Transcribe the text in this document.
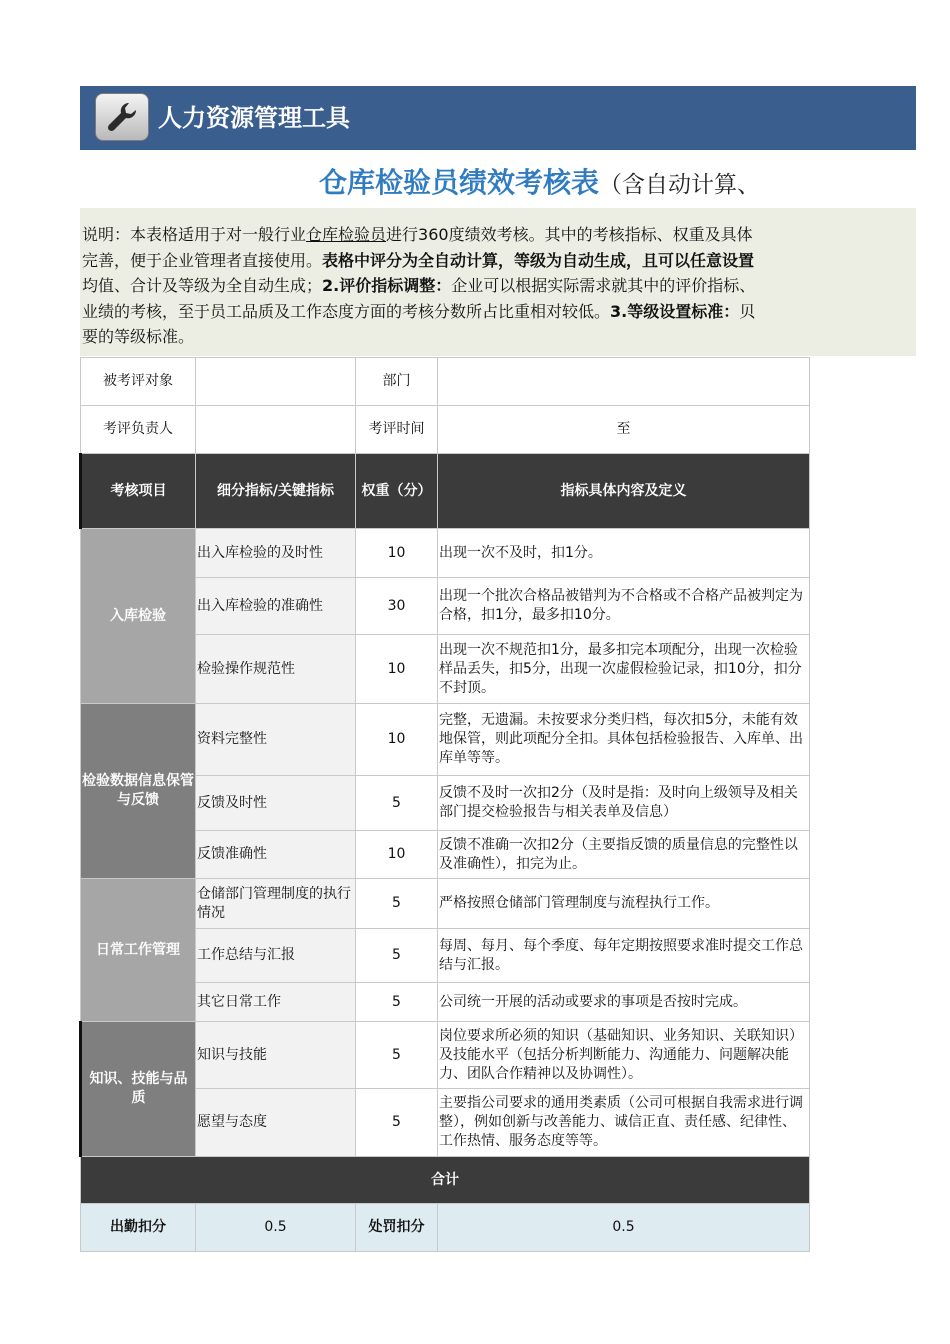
人力资源管理工具
仓库检验员绩效考核表（含自动计算、
说明：本表格适用于对一般行业仓库检验员进行360度绩效考核。其中的考核指标、权重及具体
完善，便于企业管理者直接使用。表格中评分为全自动计算，等级为自动生成，且可以任意设置
均值、合计及等级为全自动生成；2.评价指标调整：企业可以根据实际需求就其中的评价指标、
业绩的考核，至于员工品质及工作态度方面的考核分数所占比重相对较低。3.等级设置标准：贝
要的等级标准。
被考评对象		部门	
考评负责人		考评时间	至
考核项目	细分指标/关键指标	权重（分）	指标具体内容及定义
入库检验	出入库检验的及时性	10	出现一次不及时，扣1分。
	出入库检验的准确性	30	出现一个批次合格品被错判为不合格或不合格产品被判定为合格，扣1分，最多扣10分。
	检验操作规范性	10	出现一次不规范扣1分，最多扣完本项配分，出现一次检验样品丢失，扣5分，出现一次虚假检验记录，扣10分，扣分不封顶。
检验数据信息保管与反馈	资料完整性	10	完整，无遗漏。未按要求分类归档，每次扣5分，未能有效地保管，则此项配分全扣。具体包括检验报告、入库单、出库单等等。
	反馈及时性	5	反馈不及时一次扣2分（及时是指：及时向上级领导及相关部门提交检验报告与相关表单及信息）
	反馈准确性	10	反馈不准确一次扣2分（主要指反馈的质量信息的完整性以及准确性），扣完为止。
日常工作管理	仓储部门管理制度的执行情况	5	严格按照仓储部门管理制度与流程执行工作。
	工作总结与汇报	5	每周、每月、每个季度、每年定期按照要求准时提交工作总结与汇报。
	其它日常工作	5	公司统一开展的活动或要求的事项是否按时完成。
知识、技能与品质	知识与技能	5	岗位要求所必须的知识（基础知识、业务知识、关联知识）及技能水平（包括分析判断能力、沟通能力、问题解决能力、团队合作精神以及协调性）。
	愿望与态度	5	主要指公司要求的通用类素质（公司可根据自我需求进行调整），例如创新与改善能力、诚信正直、责任感、纪律性、工作热情、服务态度等等。
合计			
出勤扣分	0.5	处罚扣分	0.5
